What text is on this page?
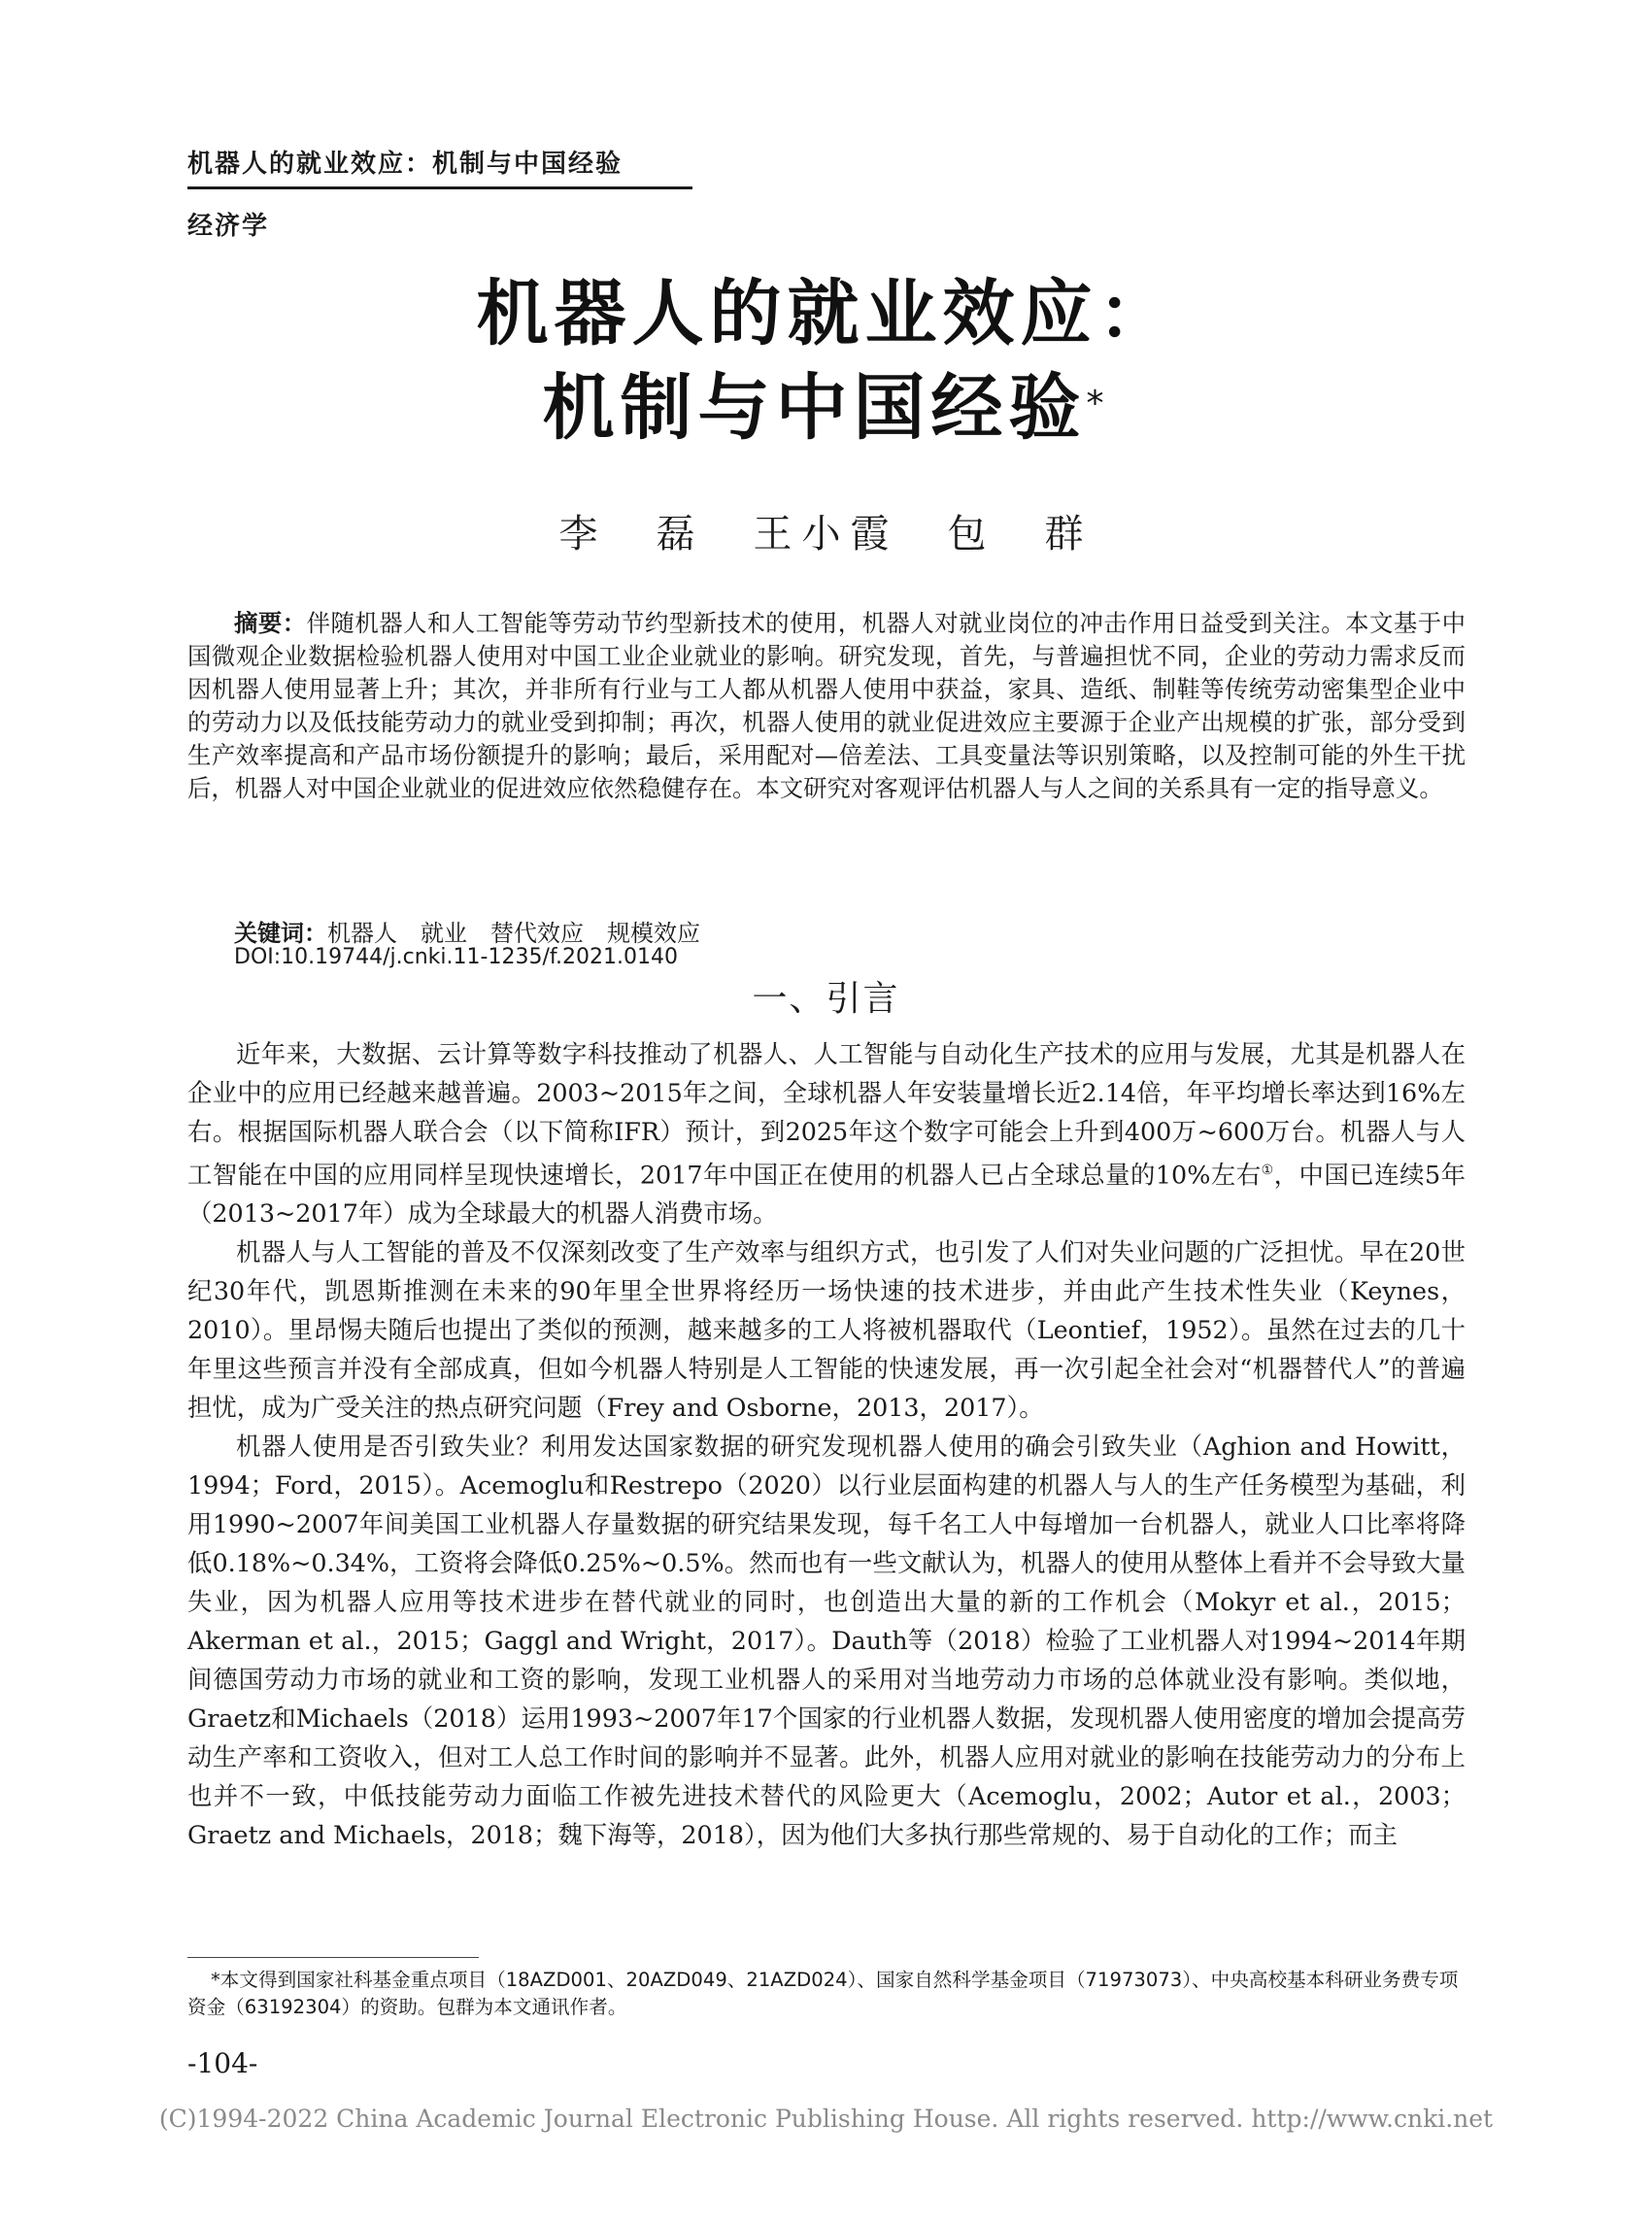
机器人的就业效应：机制与中国经验
经济学
机器人的就业效应：
机制与中国经验*
李　磊　王小霞　包　群
摘要：伴随机器人和人工智能等劳动节约型新技术的使用，机器人对就业岗位的冲击作用日益受到关注。本文基于中国微观企业数据检验机器人使用对中国工业企业就业的影响。研究发现，首先，与普遍担忧不同，企业的劳动力需求反而因机器人使用显著上升；其次，并非所有行业与工人都从机器人使用中获益，家具、造纸、制鞋等传统劳动密集型企业中的劳动力以及低技能劳动力的就业受到抑制；再次，机器人使用的就业促进效应主要源于企业产出规模的扩张，部分受到生产效率提高和产品市场份额提升的影响；最后，采用配对—倍差法、工具变量法等识别策略，以及控制可能的外生干扰后，机器人对中国企业就业的促进效应依然稳健存在。本文研究对客观评估机器人与人之间的关系具有一定的指导意义。
关键词：机器人　就业　替代效应　规模效应
DOI:10.19744/j.cnki.11-1235/f.2021.0140
一、引言

近年来，大数据、云计算等数字科技推动了机器人、人工智能与自动化生产技术的应用与发展，尤其是机器人在企业中的应用已经越来越普遍。2003~2015年之间，全球机器人年安装量增长近2.14倍，年平均增长率达到16%左右。根据国际机器人联合会（以下简称IFR）预计，到2025年这个数字可能会上升到400万~600万台。机器人与人工智能在中国的应用同样呈现快速增长，2017年中国正在使用的机器人已占全球总量的10%左右①，中国已连续5年（2013~2017年）成为全球最大的机器人消费市场。

机器人与人工智能的普及不仅深刻改变了生产效率与组织方式，也引发了人们对失业问题的广泛担忧。早在20世纪30年代，凯恩斯推测在未来的90年里全世界将经历一场快速的技术进步，并由此产生技术性失业（Keynes，2010）。里昂惕夫随后也提出了类似的预测，越来越多的工人将被机器取代（Leontief，1952）。虽然在过去的几十年里这些预言并没有全部成真，但如今机器人特别是人工智能的快速发展，再一次引起全社会对“机器替代人”的普遍担忧，成为广受关注的热点研究问题（Frey and Osborne，2013，2017）。

机器人使用是否引致失业？利用发达国家数据的研究发现机器人使用的确会引致失业（Aghion and Howitt，1994；Ford，2015）。Acemoglu和Restrepo（2020）以行业层面构建的机器人与人的生产任务模型为基础，利用1990~2007年间美国工业机器人存量数据的研究结果发现，每千名工人中每增加一台机器人，就业人口比率将降低0.18%~0.34%，工资将会降低0.25%~0.5%。然而也有一些文献认为，机器人的使用从整体上看并不会导致大量失业，因为机器人应用等技术进步在替代就业的同时，也创造出大量的新的工作机会（Mokyr et al.，2015；Akerman et al.，2015；Gaggl and Wright，2017）。Dauth等（2018）检验了工业机器人对1994~2014年期间德国劳动力市场的就业和工资的影响，发现工业机器人的采用对当地劳动力市场的总体就业没有影响。类似地，Graetz和Michaels（2018）运用1993~2007年17个国家的行业机器人数据，发现机器人使用密度的增加会提高劳动生产率和工资收入，但对工人总工作时间的影响并不显著。此外，机器人应用对就业的影响在技能劳动力的分布上也并不一致，中低技能劳动力面临工作被先进技术替代的风险更大（Acemoglu，2002；Autor et al.，2003；Graetz and Michaels，2018；魏下海等，2018），因为他们大多执行那些常规的、易于自动化的工作；而主

*本文得到国家社科基金重点项目（18AZD001、20AZD049、21AZD024）、国家自然科学基金项目（71973073）、中央高校基本科研业务费专项资金（63192304）的资助。包群为本文通讯作者。
-104-
(C)1994-2022 China Academic Journal Electronic Publishing House. All rights reserved. http://www.cnki.net
